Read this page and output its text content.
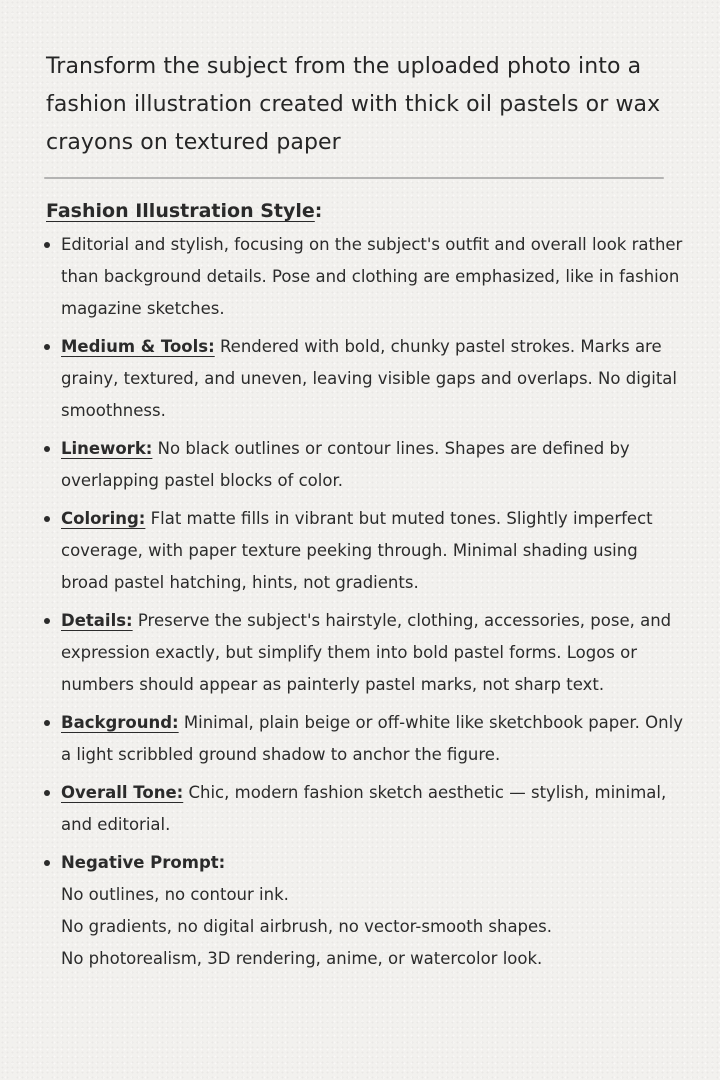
Transform the subject from the uploaded photo into a fashion illustration created with thick oil pastels or wax crayons on textured paper
Fashion Illustration Style:
Editorial and stylish, focusing on the subject's outfit and overall look rather than background details. Pose and clothing are emphasized, like in fashion magazine sketches.
Medium & Tools: Rendered with bold, chunky pastel strokes. Marks are grainy, textured, and uneven, leaving visible gaps and overlaps. No digital smoothness.
Linework: No black outlines or contour lines. Shapes are defined by overlapping pastel blocks of color.
Coloring: Flat matte fills in vibrant but muted tones. Slightly imperfect coverage, with paper texture peeking through. Minimal shading using broad pastel hatching, hints, not gradients.
Details: Preserve the subject's hairstyle, clothing, accessories, pose, and expression exactly, but simplify them into bold pastel forms. Logos or numbers should appear as painterly pastel marks, not sharp text.
Background: Minimal, plain beige or off-white like sketchbook paper. Only a light scribbled ground shadow to anchor the figure.
Overall Tone: Chic, modern fashion sketch aesthetic — stylish, minimal, and editorial.
Negative Prompt:
No outlines, no contour ink.
No gradients, no digital airbrush, no vector-smooth shapes.
No photorealism, 3D rendering, anime, or watercolor look.
